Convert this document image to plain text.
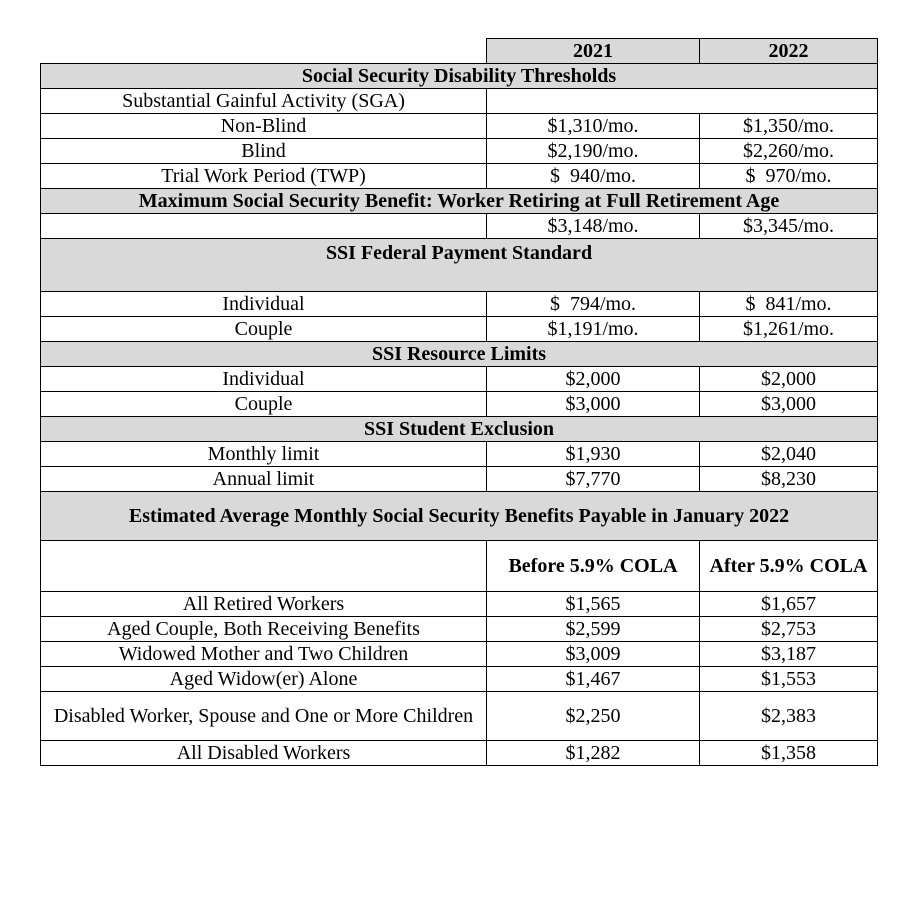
	2021	2022
Social Security Disability Thresholds		
Substantial Gainful Activity (SGA)		
Non-Blind	$1,310/mo.	$1,350/mo.
Blind	$2,190/mo.	$2,260/mo.
Trial Work Period (TWP)	$  940/mo.	$  970/mo.
Maximum Social Security Benefit: Worker Retiring at Full Retirement Age		
	$3,148/mo.	$3,345/mo.
SSI Federal Payment Standard		
Individual	$  794/mo.	$  841/mo.
Couple	$1,191/mo.	$1,261/mo.
SSI Resource Limits		
Individual	$2,000	$2,000
Couple	$3,000	$3,000
SSI Student Exclusion		
Monthly limit	$1,930	$2,040
Annual limit	$7,770	$8,230
Estimated Average Monthly Social Security Benefits Payable in January 2022		
	Before 5.9% COLA	After 5.9% COLA
All Retired Workers	$1,565	$1,657
Aged Couple, Both Receiving Benefits	$2,599	$2,753
Widowed Mother and Two Children	$3,009	$3,187
Aged Widow(er) Alone	$1,467	$1,553
Disabled Worker, Spouse and One or More Children	$2,250	$2,383
All Disabled Workers	$1,282	$1,358
